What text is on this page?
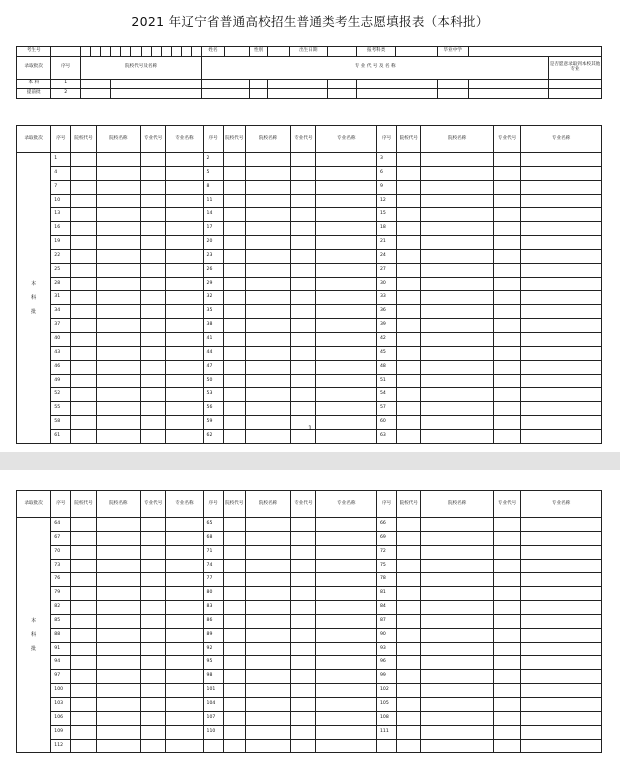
2021 年辽宁省普通高校招生普通类考生志愿填报表（本科批）
考生号														姓名		性别		出生日期		报考科类		毕业中学		
录取批次	序号	院校代号及名称												专 业 代 号 及 名 称										是否愿意录取到本校其他专业
本 科	1																							
提前批	2																							
录取批次	序号	院校代号	院校名称	专业代号	专业名称	序号	院校代号	院校名称	专业代号	专业名称	序号	院校代号	院校名称	专业代号	专业名称
本 科 批	1					2					3				
	4					5					6				
	7					8					9				
	10					11					12				
	13					14					15				
	16					17					18				
	19					20					21				
	22					23					24				
	25					26					27				
	28					29					30				
	31					32					33				
	34					35					36				
	37					38					39				
	40					41					42				
	43					44					45				
	46					47					48				
	49					50					51				
	52					53					54				
	55					56					57				
	58					59					60				
	61					62					63				
1
录取批次	序号	院校代号	院校名称	专业代号	专业名称	序号	院校代号	院校名称	专业代号	专业名称	序号	院校代号	院校名称	专业代号	专业名称
本 科 批	64					65					66				
	67					68					69				
	70					71					72				
	73					74					75				
	76					77					78				
	79					80					81				
	82					83					84				
	85					86					87				
	88					89					90				
	91					92					93				
	94					95					96				
	97					98					99				
	100					101					102				
	103					104					105				
	106					107					108				
	109					110					111				
	112														
